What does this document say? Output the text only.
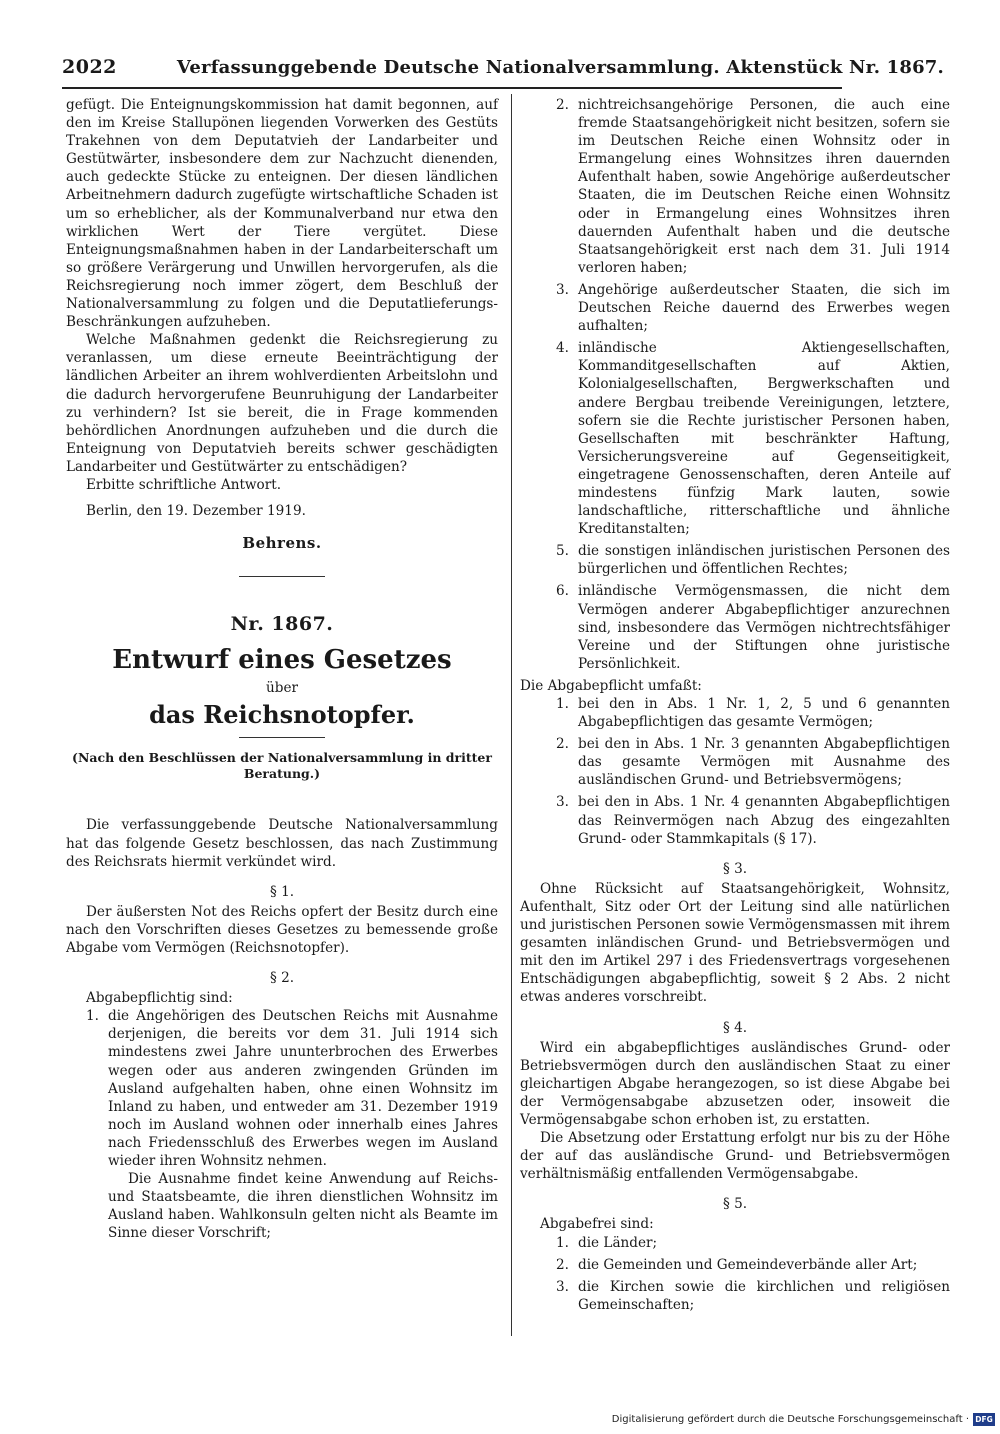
2022	Verfassunggebende Deutsche Nationalversammlung. Aktenstück Nr. 1867.

gefügt. Die Enteignungskommission hat damit begonnen, auf den im Kreise Stallupönen liegenden Vorwerken des Gestüts Trakehnen von dem Deputatvieh der Landarbeiter und Gestütwärter, insbesondere dem zur Nachzucht dienenden, auch gedeckte Stücke zu enteignen. Der diesen ländlichen Arbeitnehmern dadurch zugefügte wirtschaftliche Schaden ist um so erheblicher, als der Kommunalverband nur etwa den wirklichen Wert der Tiere vergütet. Diese Enteignungsmaßnahmen haben in der Landarbeiterschaft um so größere Verärgerung und Unwillen hervorgerufen, als die Reichsregierung noch immer zögert, dem Beschluß der Nationalversammlung zu folgen und die Deputatlieferungs-Beschränkungen aufzuheben.

Welche Maßnahmen gedenkt die Reichsregierung zu veranlassen, um diese erneute Beeinträchtigung der ländlichen Arbeiter an ihrem wohlverdienten Arbeitslohn und die dadurch hervorgerufene Beunruhigung der Landarbeiter zu verhindern? Ist sie bereit, die in Frage kommenden behördlichen Anordnungen aufzuheben und die durch die Enteignung von Deputatvieh bereits schwer geschädigten Landarbeiter und Gestütwärter zu entschädigen?

Erbitte schriftliche Antwort.

Berlin, den 19. Dezember 1919.

Behrens.

Nr. 1867.

Entwurf eines Gesetzes

über

das Reichsnotopfer.

(Nach den Beschlüssen der Nationalversammlung in dritter Beratung.)

Die verfassunggebende Deutsche Nationalversammlung hat das folgende Gesetz beschlossen, das nach Zustimmung des Reichsrats hiermit verkündet wird.

§ 1.

Der äußersten Not des Reichs opfert der Besitz durch eine nach den Vorschriften dieses Gesetzes zu bemessende große Abgabe vom Vermögen (Reichsnotopfer).

§ 2.

Abgabepflichtig sind:

1. die Angehörigen des Deutschen Reichs mit Ausnahme derjenigen, die bereits vor dem 31. Juli 1914 sich mindestens zwei Jahre ununterbrochen des Erwerbes wegen oder aus anderen zwingenden Gründen im Ausland aufgehalten haben, ohne einen Wohnsitz im Inland zu haben, und entweder am 31. Dezember 1919 noch im Ausland wohnen oder innerhalb eines Jahres nach Friedensschluß des Erwerbes wegen im Ausland wieder ihren Wohnsitz nehmen.

Die Ausnahme findet keine Anwendung auf Reichs- und Staatsbeamte, die ihren dienstlichen Wohnsitz im Ausland haben. Wahlkonsuln gelten nicht als Beamte im Sinne dieser Vorschrift;

2. nichtreichsangehörige Personen, die auch eine fremde Staatsangehörigkeit nicht besitzen, sofern sie im Deutschen Reiche einen Wohnsitz oder in Ermangelung eines Wohnsitzes ihren dauernden Aufenthalt haben, sowie Angehörige außerdeutscher Staaten, die im Deutschen Reiche einen Wohnsitz oder in Ermangelung eines Wohnsitzes ihren dauernden Aufenthalt haben und die deutsche Staatsangehörigkeit erst nach dem 31. Juli 1914 verloren haben;
3. Angehörige außerdeutscher Staaten, die sich im Deutschen Reiche dauernd des Erwerbes wegen aufhalten;
4. inländische Aktiengesellschaften, Kommanditgesellschaften auf Aktien, Kolonialgesellschaften, Bergwerkschaften und andere Bergbau treibende Vereinigungen, letztere, sofern sie die Rechte juristischer Personen haben, Gesellschaften mit beschränkter Haftung, Versicherungsvereine auf Gegenseitigkeit, eingetragene Genossenschaften, deren Anteile auf mindestens fünfzig Mark lauten, sowie landschaftliche, ritterschaftliche und ähnliche Kreditanstalten;
5. die sonstigen inländischen juristischen Personen des bürgerlichen und öffentlichen Rechtes;
6. inländische Vermögensmassen, die nicht dem Vermögen anderer Abgabepflichtiger anzurechnen sind, insbesondere das Vermögen nichtrechtsfähiger Vereine und der Stiftungen ohne juristische Persönlichkeit.

Die Abgabepflicht umfaßt:

1. bei den in Abs. 1 Nr. 1, 2, 5 und 6 genannten Abgabepflichtigen das gesamte Vermögen;
2. bei den in Abs. 1 Nr. 3 genannten Abgabepflichtigen das gesamte Vermögen mit Ausnahme des ausländischen Grund- und Betriebsvermögens;
3. bei den in Abs. 1 Nr. 4 genannten Abgabepflichtigen das Reinvermögen nach Abzug des eingezahlten Grund- oder Stammkapitals (§ 17).

§ 3.

Ohne Rücksicht auf Staatsangehörigkeit, Wohnsitz, Aufenthalt, Sitz oder Ort der Leitung sind alle natürlichen und juristischen Personen sowie Vermögensmassen mit ihrem gesamten inländischen Grund- und Betriebsvermögen und mit den im Artikel 297 i des Friedensvertrags vorgesehenen Entschädigungen abgabepflichtig, soweit § 2 Abs. 2 nicht etwas anderes vorschreibt.

§ 4.

Wird ein abgabepflichtiges ausländisches Grund- oder Betriebsvermögen durch den ausländischen Staat zu einer gleichartigen Abgabe herangezogen, so ist diese Abgabe bei der Vermögensabgabe abzusetzen oder, insoweit die Vermögensabgabe schon erhoben ist, zu erstatten.

Die Absetzung oder Erstattung erfolgt nur bis zu der Höhe der auf das ausländische Grund- und Betriebsvermögen verhältnismäßig entfallenden Vermögensabgabe.

§ 5.

Abgabefrei sind:

1. die Länder;
2. die Gemeinden und Gemeindeverbände aller Art;
3. die Kirchen sowie die kirchlichen und religiösen Gemeinschaften;
Digitalisierung gefördert durch die Deutsche Forschungsgemeinschaft · DFG
